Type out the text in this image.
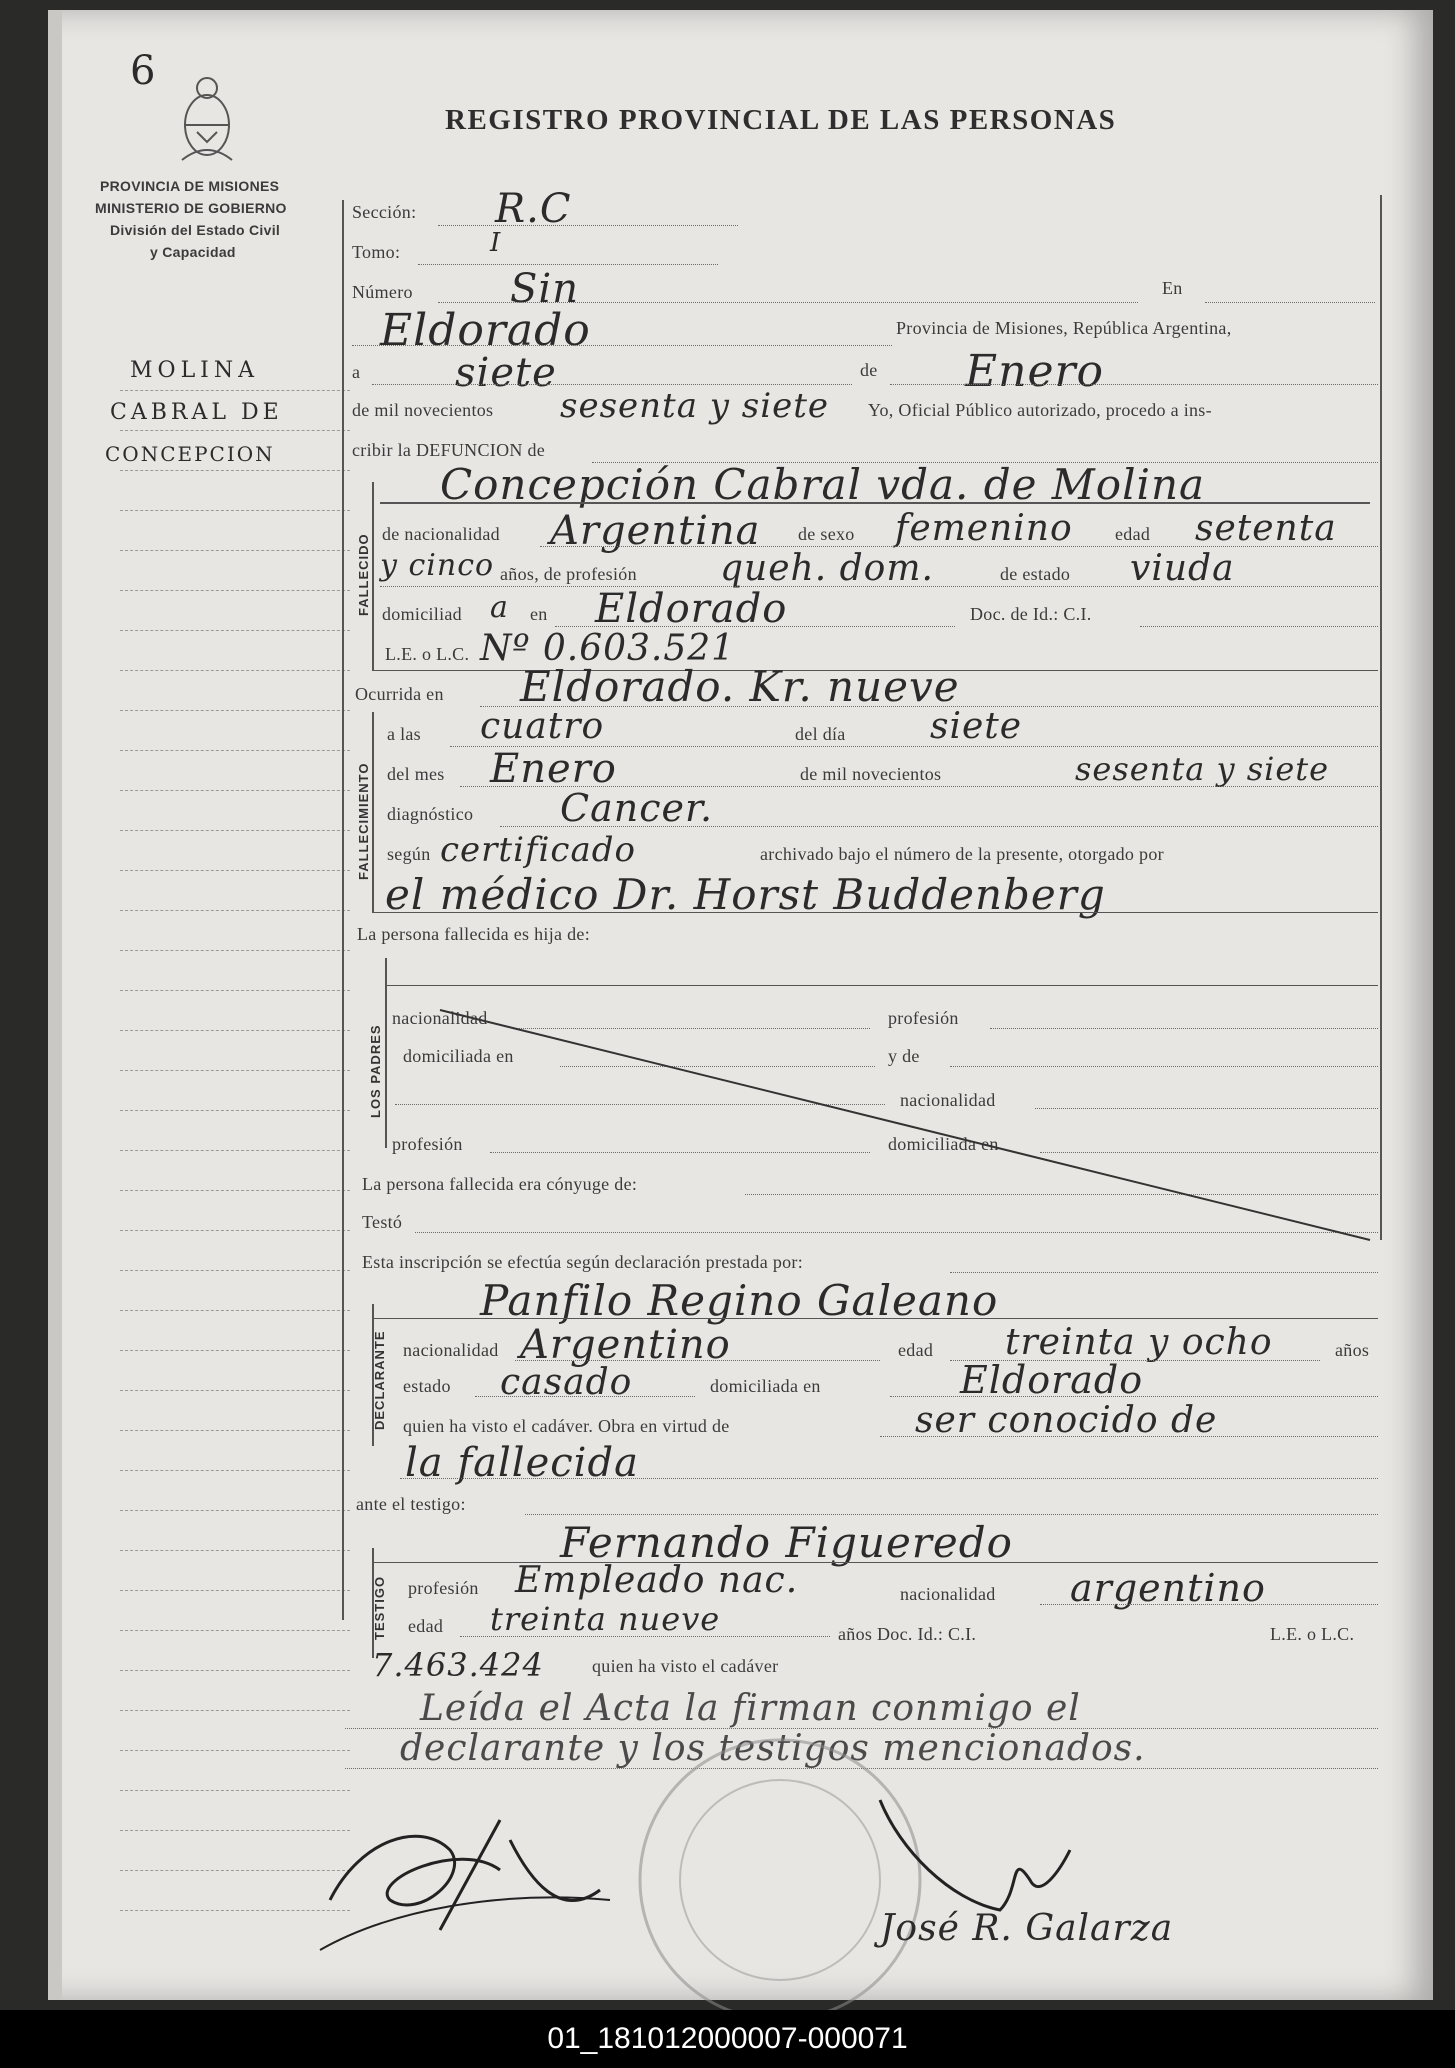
6
PROVINCIA DE MISIONES
MINISTERIO DE GOBIERNO
División del Estado Civil
y Capacidad
REGISTRO PROVINCIAL DE LAS PERSONAS
MOLINA
CABRAL DE
CONCEPCION
Sección: R.C
Tomo:	I
Número Sin	En
Eldorado	Provincia de Misiones, República Argentina,
a siete	de Enero
de mil novecientos sesenta y siete Yo, Oficial Público autorizado, procedo a ins-
cribir la DEFUNCION de
FALLECIDO
Concepción Cabral vda. de Molina
de nacionalidad Argentina de sexo femenino edad setenta
y cinco años, de profesión queh. dom.	de estado viuda
domiciliad a en Eldorado	Doc. de Id.: C.I.
L.E. o L.C. Nº 0.603.521
Ocurrida en Eldorado. Kr. nueve
FALLECIMIENTO
a las cuatro	del día siete
del mes Enero	de mil novecientos	sesenta y siete
diagnóstico Cancer.
según certificado	archivado bajo el número de la presente, otorgado por
el médico Dr. Horst Buddenberg
La persona fallecida es hija de:
LOS PADRES
nacionalidad	profesión
domiciliada en	y de
nacionalidad
profesión	domiciliada en
La persona fallecida era cónyuge de:
Testó
Esta inscripción se efectúa según declaración prestada por:
DECLARANTE
Panfilo Regino Galeano
nacionalidad Argentino	edad treinta y ocho	años
estado casado	domiciliada en	Eldorado
quien ha visto el cadáver. Obra en virtud de	ser conocido de
la fallecida
ante el testigo:
TESTIGO
Fernando Figueredo
profesión Empleado nac.	nacionalidad argentino
edad treinta nueve	años Doc. Id.: C.I.	L.E. o L.C.
7.463.424	quien ha visto el cadáver
Leída el Acta la firman conmigo el
declarante y los testigos mencionados.
José R. Galarza
01_181012000007-000071
